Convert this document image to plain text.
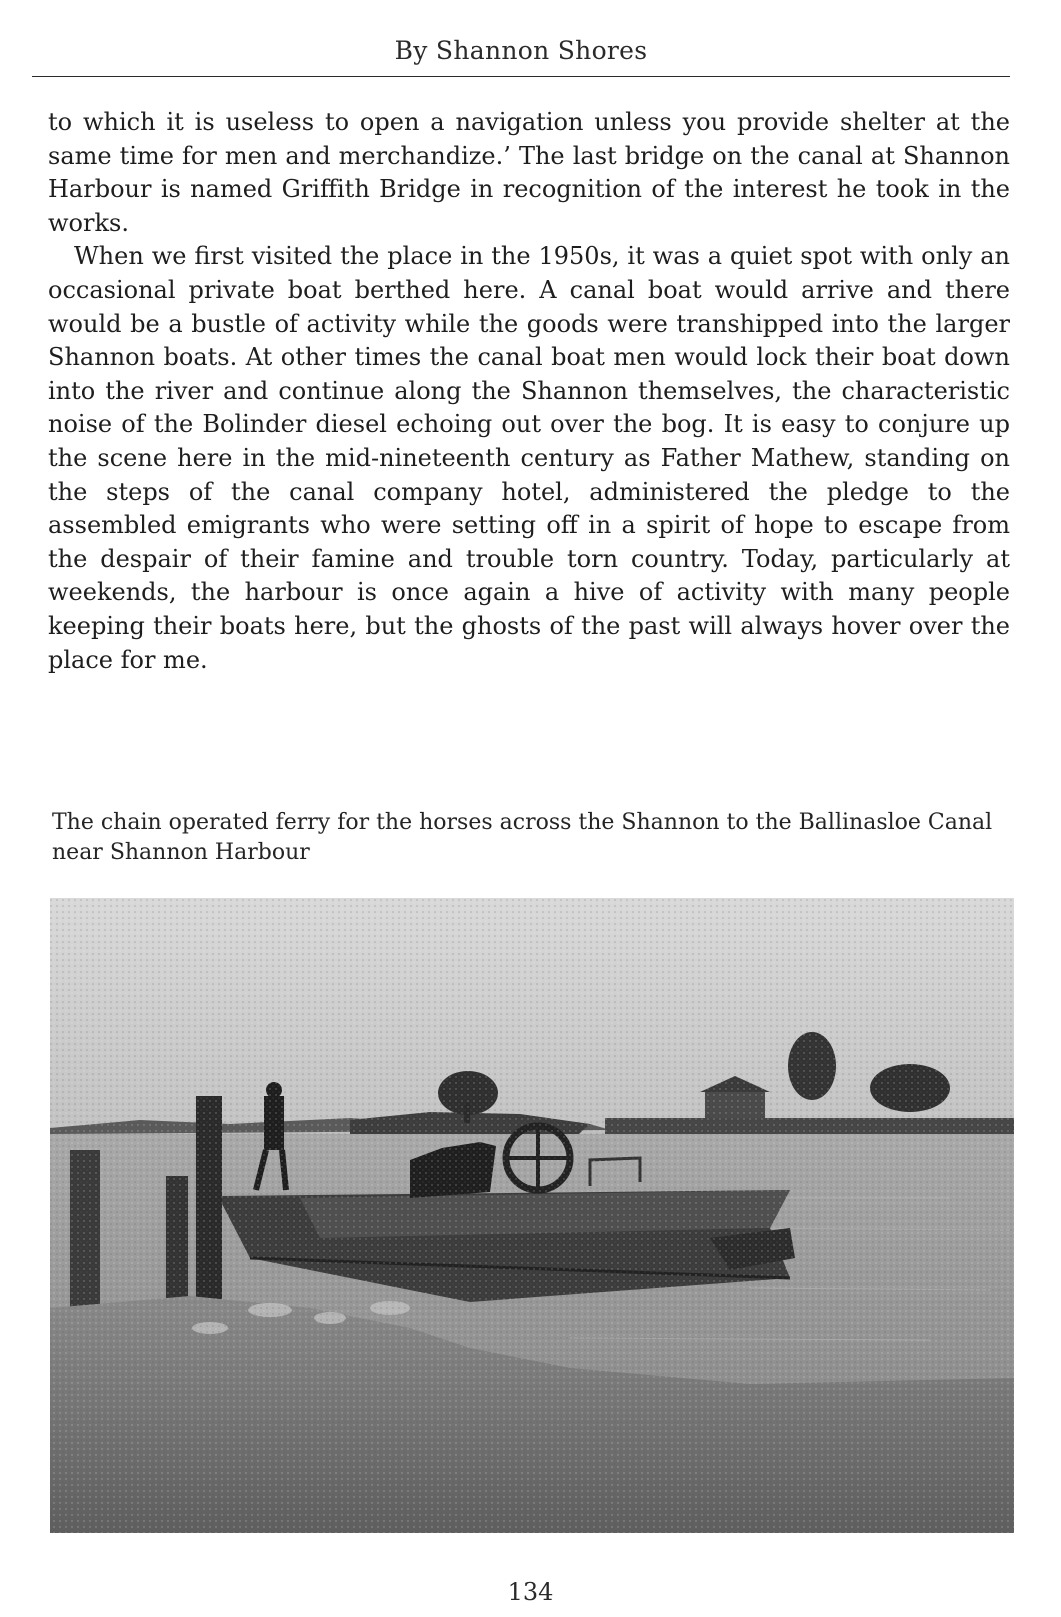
By Shannon Shores

to which it is useless to open a navigation unless you provide shelter at the same time for men and merchandize.’ The last bridge on the canal at Shannon Harbour is named Griffith Bridge in recognition of the interest he took in the works.

When we first visited the place in the 1950s, it was a quiet spot with only an occasional private boat berthed here. A canal boat would arrive and there would be a bustle of activity while the goods were transhipped into the larger Shannon boats. At other times the canal boat men would lock their boat down into the river and continue along the Shannon themselves, the characteristic noise of the Bolinder diesel echoing out over the bog. It is easy to conjure up the scene here in the mid-nineteenth century as Father Mathew, standing on the steps of the canal company hotel, administered the pledge to the assembled emigrants who were setting off in a spirit of hope to escape from the despair of their famine and trouble torn country. Today, particularly at weekends, the harbour is once again a hive of activity with many people keeping their boats here, but the ghosts of the past will always hover over the place for me.

The chain operated ferry for the horses across the Shannon to the Ballinasloe Canal near Shannon Harbour

134
